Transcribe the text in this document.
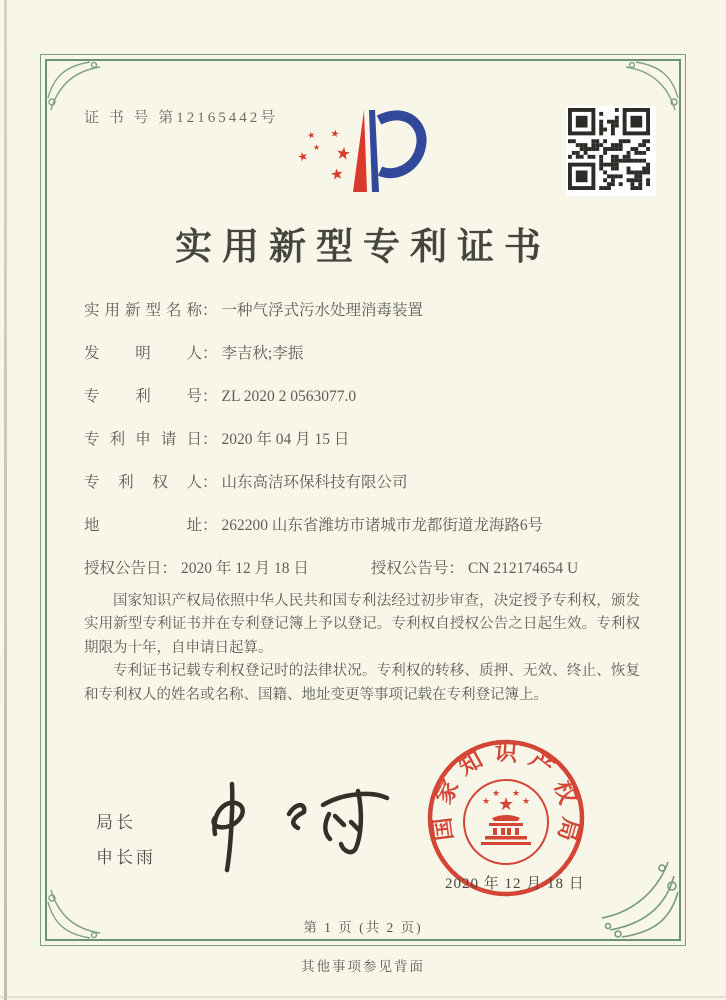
证 书 号 第12165442号
★ ★
★ ★
★
★
实用新型专利证书
实用新型名称： 一种气浮式污水处理消毒装置
发明人： 李吉秋;李振
专利号： ZL 2020 2 0563077.0
专利申请日： 2020 年 04 月 15 日
专利权人： 山东高洁环保科技有限公司
地址： 262200 山东省潍坊市诸城市龙都街道龙海路6号
授权公告日： 2020 年 12 月 18 日	授权公告号： CN 212174654 U

国家知识产权局依照中华人民共和国专利法经过初步审查，决定授予专利权，颁发实用新型专利证书并在专利登记簿上予以登记。专利权自授权公告之日起生效。专利权期限为十年，自申请日起算。

专利证书记载专利权登记时的法律状况。专利权的转移、质押、无效、终止、恢复和专利权人的姓名或名称、国籍、地址变更等事项记载在专利登记簿上。

局长
申长雨
国家知识产权局
★
★
★ ★
★
2020 年 12 月 18 日
第 1 页 (共 2 页)
其他事项参见背面
